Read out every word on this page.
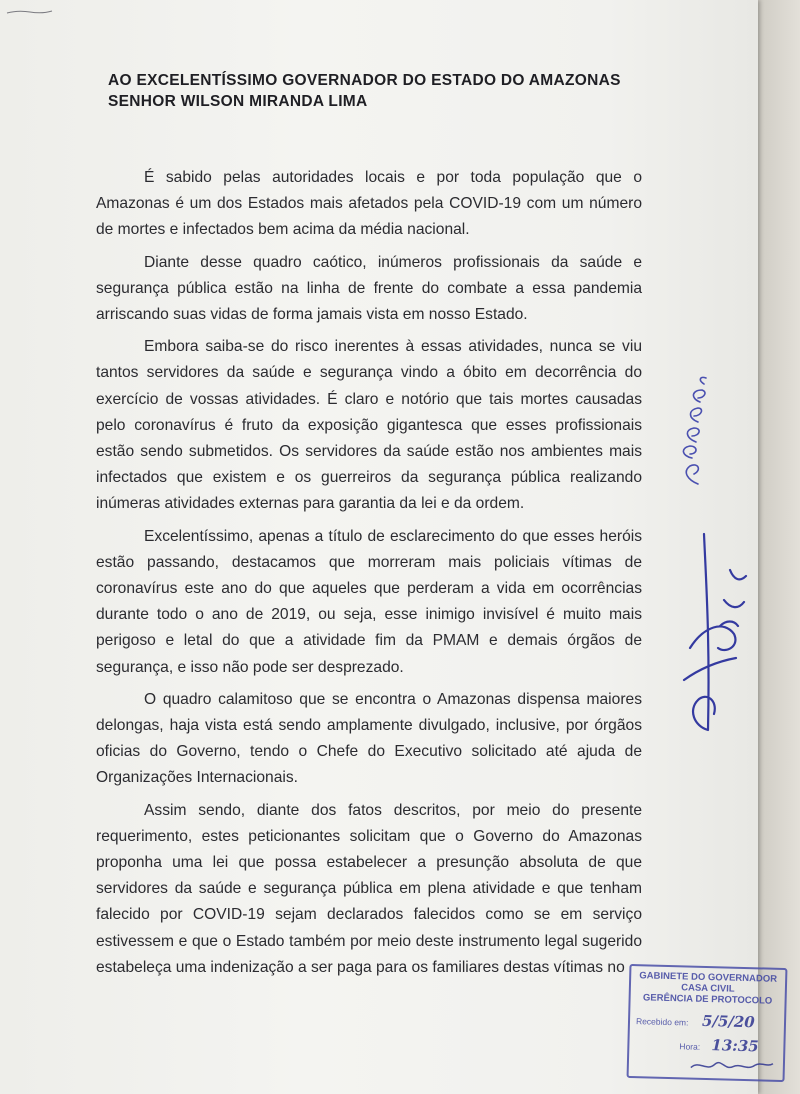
AO EXCELENTÍSSIMO GOVERNADOR DO ESTADO DO AMAZONAS
SENHOR WILSON MIRANDA LIMA

É sabido pelas autoridades locais e por toda população que o Amazonas é um dos Estados mais afetados pela COVID-19 com um número de mortes e infectados bem acima da média nacional.

Diante desse quadro caótico, inúmeros profissionais da saúde e segurança pública estão na linha de frente do combate a essa pandemia arriscando suas vidas de forma jamais vista em nosso Estado.

Embora saiba-se do risco inerentes à essas atividades, nunca se viu tantos servidores da saúde e segurança vindo a óbito em decorrência do exercício de vossas atividades. É claro e notório que tais mortes causadas pelo coronavírus é fruto da exposição gigantesca que esses profissionais estão sendo submetidos. Os servidores da saúde estão nos ambientes mais infectados que existem e os guerreiros da segurança pública realizando inúmeras atividades externas para garantia da lei e da ordem.

Excelentíssimo, apenas a título de esclarecimento do que esses heróis estão passando, destacamos que morreram mais policiais vítimas de coronavírus este ano do que aqueles que perderam a vida em ocorrências durante todo o ano de 2019, ou seja, esse inimigo invisível é muito mais perigoso e letal do que a atividade fim da PMAM e demais órgãos de segurança, e isso não pode ser desprezado.

O quadro calamitoso que se encontra o Amazonas dispensa maiores delongas, haja vista está sendo amplamente divulgado, inclusive, por órgãos oficias do Governo, tendo o Chefe do Executivo solicitado até ajuda de Organizações Internacionais.

Assim sendo, diante dos fatos descritos, por meio do presente requerimento, estes peticionantes solicitam que o Governo do Amazonas proponha uma lei que possa estabelecer a presunção absoluta de que servidores da saúde e segurança pública em plena atividade e que tenham falecido por COVID-19 sejam declarados falecidos como se em serviço estivessem e que o Estado também por meio deste instrumento legal sugerido estabeleça uma indenização a ser paga para os familiares destas vítimas no

GABINETE DO GOVERNADOR
CASA CIVIL
GERÊNCIA DE PROTOCOLO
Recebido em: 5/5/20
Hora: 13:35
